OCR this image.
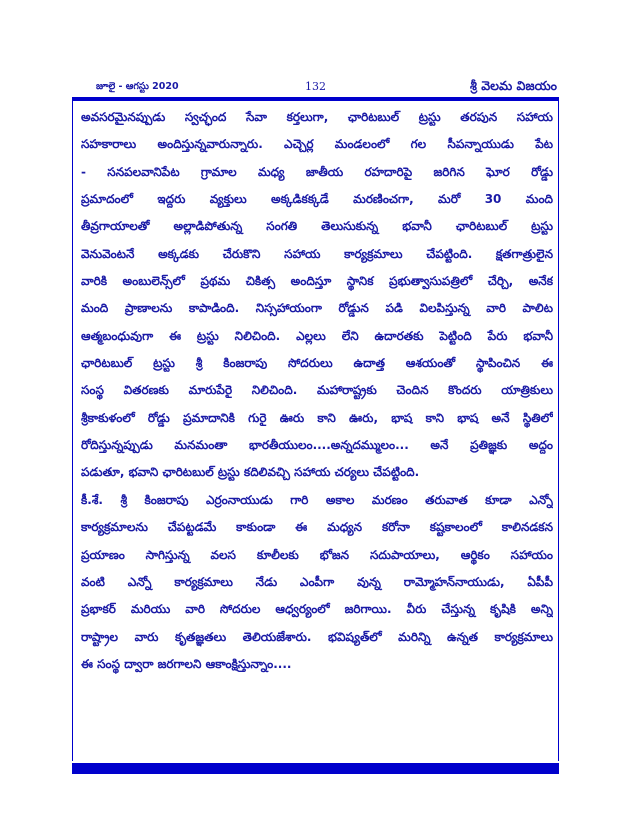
జూలై - ఆగస్టు 2020	132	శ్రీ వెలమ విజయం
అవసరమైనప్పుడు స్వచ్ఛంద సేవా కర్తలుగా, ఛారిటబుల్ ట్రస్టు తరపున సహాయ
సహకారాలు అందిస్తున్నవారున్నారు. ఎచ్చెర్ల మండలంలో గల సీపన్నాయుడు పేట
- సనపలవానిపేట గ్రామాల మధ్య జాతీయ రహదారిపై జరిగిన ఘోర రోడ్డు
ప్రమాదంలో ఇద్దరు వ్యక్తులు అక్కడికక్కడే మరణించగా, మరో 30 మంది
తీవ్రగాయాలతో అల్లాడిపోతున్న సంగతి తెలుసుకున్న భవానీ ఛారిటబుల్ ట్రస్టు
వెనువెంటనే అక్కడకు చేరుకొని సహాయ కార్యక్రమాలు చేపట్టింది. క్షతగాత్రులైన
వారికి అంబులెన్స్‌లో ప్రథమ చికిత్స అందిస్తూ స్థానిక ప్రభుత్వాసుపత్రిలో చేర్చి, అనేక
మంది ప్రాణాలను కాపాడింది. నిస్సహాయంగా రోడ్డున పడి విలపిస్తున్న వారి పాలిట
ఆత్మబంధువుగా ఈ ట్రస్టు నిలిచింది. ఎల్లలు లేని ఉదారతకు పెట్టింది పేరు భవానీ
ఛారిటబుల్ ట్రస్టు శ్రీ కింజరాపు సోదరులు ఉదాత్త ఆశయంతో స్థాపించిన ఈ
సంస్థ వితరణకు మారుపేరై నిలిచింది. మహారాష్ట్రకు చెందిన కొందరు యాత్రికులు
శ్రీకాకుళంలో రోడ్డు ప్రమాదానికి గురై ఊరు కాని ఊరు, భాష కాని భాష అనే స్థితిలో
రోదిస్తున్నప్పుడు మనమంతా భారతీయులం....అన్నదమ్ములం... అనే ప్రతిజ్ఞకు అద్దం
పడుతూ, భవాని ఛారిటబుల్ ట్రస్టు కదిలివచ్చి సహాయ చర్యలు చేపట్టింది.
కీ.శే. శ్రీ కింజరాపు ఎర్రంనాయుడు గారి అకాల మరణం తరువాత కూడా ఎన్నో
కార్యక్రమాలను చేపట్టడమే కాకుండా ఈ మధ్యన కరోనా కష్టకాలంలో కాలినడకన
ప్రయాణం సాగిస్తున్న వలస కూలీలకు భోజన సదుపాయాలు, ఆర్థికం సహాయం
వంటి ఎన్నో కార్యక్రమాలు నేడు ఎంపీగా వున్న రామ్మోహన్‌నాయుడు, ఏపీపీ
ప్రభాకర్ మరియు వారి సోదరుల ఆధ్వర్యంలో జరిగాయి. వీరు చేస్తున్న కృషికి అన్ని
రాష్ట్రాల వారు కృతజ్ఞతలు తెలియజేశారు. భవిష్యత్‌లో మరిన్ని ఉన్నత కార్యక్రమాలు
ఈ సంస్థ ద్వారా జరగాలని ఆకాంక్షిస్తున్నాం....
